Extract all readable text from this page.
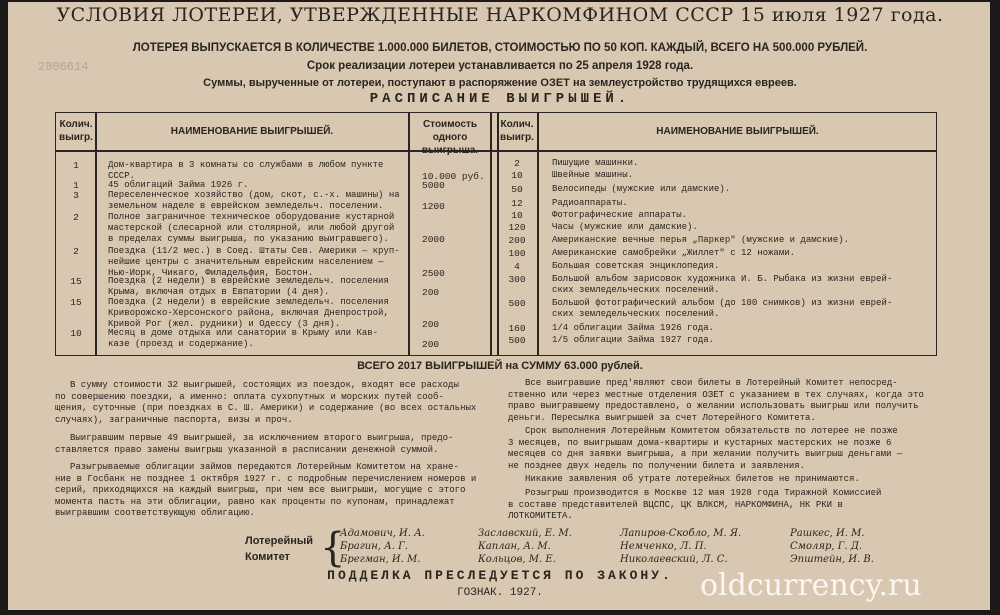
УСЛОВИЯ ЛОТЕРЕИ, УТВЕРЖДЕННЫЕ НАРКОМФИНОМ СССР 15 июля 1927 года.
ЛОТЕРЕЯ ВЫПУСКАЕТСЯ В КОЛИЧЕСТВЕ 1.000.000 БИЛЕТОВ, СТОИМОСТЬЮ ПО 50 КОП. КАЖДЫЙ, ВСЕГО НА 500.000 РУБЛЕЙ.
Срок реализации лотереи устанавливается по 25 апреля 1928 года.
Суммы, вырученные от лотереи, поступают в распоряжение ОЗЕТ на землеустройство трудящихся евреев.
РАСПИСАНИЕ ВЫИГРЫШЕЙ.
2806614
Колич. выигр.
НАИМЕНОВАНИЕ ВЫИГРЫШЕЙ.
Стоимость одного выигрыша.
Колич. выигр.
НАИМЕНОВАНИЕ ВЫИГРЫШЕЙ.
1	Дом-квартира в 3 комнаты со службами в любом пункте
СССР.	10.000 руб.
1	45 облигаций Займа 1926 г.	5000
3	Переселенческое хозяйство (дом, скот, с.-х. машины) на
земельном наделе в еврейском земледельч. поселении.	1200
2	Полное заграничное техническое оборудование кустарной
мастерской (слесарной или столярной, или любой другой
в пределах суммы выигрыша, по указанию выигравшего).	2000
2	Поездка (11/2 мес.) в Соед. Штаты Сев. Америки — круп-
нейшие центры с значительным еврейским населением —
Нью-Иорк, Чикаго, Филадельфия, Бостон.	2500
15	Поездка (2 недели) в еврейские земледельч. поселения
Крыма, включая отдых в Евпатории (4 дня).	200
15	Поездка (2 недели) в еврейские земледельч. поселения
Криворожско-Херсонского района, включая Днепрострой,
Кривой Рог (жел. рудники) и Одессу (3 дня).	200
10	Месяц в доме отдыха или санатории в Крыму или Кав-
казе (проезд и содержание).	200
2	Пишущие машинки.
10	Швейные машины.
50	Велосипеды (мужские или дамские).
12	Радиоаппараты.
10	Фотографические аппараты.
120	Часы (мужские или дамские).
200	Американские вечные перья „Паркер" (мужские и дамские).
100	Американские самобрейки „Жиллет" с 12 ножами.
4	Большая советская энциклопедия.
300	Большой альбом зарисовок художника И. Б. Рыбака из жизни еврей-
ских земледельческих поселений.
500	Большой фотографический альбом (до 100 снимков) из жизни еврей-
ских земледельческих поселений.
160	1/4 облигации Займа 1926 года.
500	1/5 облигации Займа 1927 года.
ВСЕГО 2017 ВЫИГРЫШЕЙ на СУММУ 63.000 рублей.
В сумму стоимости 32 выигрышей, состоящих из поездок, входят все расходы
по совершению поездки, а именно: оплата сухопутных и морских путей сооб-
щения, суточные (при поездках в С. Ш. Америки) и содержание (во всех остальных
случаях), заграничные паспорта, визы и проч.
Выигравшим первые 49 выигрышей, за исключением второго выигрыша, предо-
ставляется право замены выигрыш указанной в расписании денежной суммой.
Разыгрываемые облигации займов передаются Лотерейным Комитетом на хране-
ние в Госбанк не позднее 1 октября 1927 г. с подробным перечислением номеров и
серий, приходящихся на каждый выигрыш, при чем все выигрыши, могущие с этого
момента пасть на эти облигации, равно как проценты по купонам, принадлежат
выигравшим соответствующую облигацию.
Все выигравшие пред'являют свои билеты в Лотерейный Комитет непосред-
ственно или через местные отделения ОЗЕТ с указанием в тех случаях, когда это
право выигравшему предоставлено, о желании использовать выигрыш или получить
деньги. Пересылка выигрышей за счет Лотерейного Комитета.
Срок выполнения Лотерейным Комитетом обязательств по лотерее не позже
3 месяцев, по выигрышам дома-квартиры и кустарных мастерских не позже 6
месяцев со дня заявки выигрыша, а при желании получить выигрыш деньгами —
не позднее двух недель по получении билета и заявления.
Никакие заявления об утрате лотерейных билетов не принимаются.
Розыгрыш производится в Москве 12 мая 1928 года Тиражной Комиссией
в составе представителей ВЦСПС, ЦК ВЛКСМ, НАРКОМФИНА, НК РКИ в
ЛОТКОМИТЕТА.
Лотерейный
Комитет {
Адамович, И. А.
Брагин, А. Г.
Брегман, И. М.
Заславский, Е. М.
Каплан, А. М.
Кольцов, М. Е.
Лапиров-Скобло, М. Я.
Немченко, Л. П.
Николаевский, Л. С.
Рашкес, И. М.
Смоляр, Г. Д.
Эпштейн, И. В.
ПОДДЕЛКА ПРЕСЛЕДУЕТСЯ ПО ЗАКОНУ.
ГОЗНАК. 1927.	oldcurrency.ru
